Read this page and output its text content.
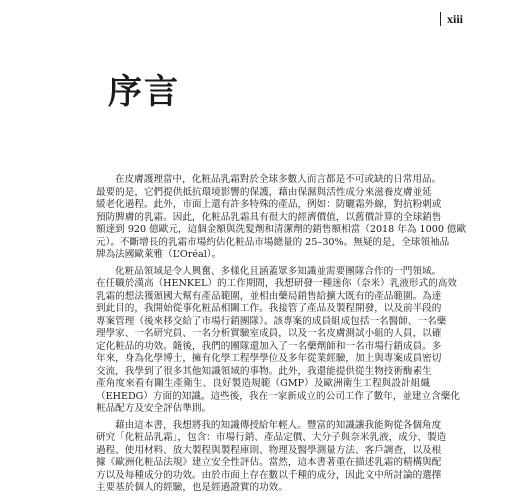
xiii
序言
在皮膚護理當中，化粧品乳霜對於全球多數人而言都是不可或缺的日常用品。
最要的是，它們提供抵抗環境影響的保護，藉由保濕與活性成分來滋養皮膚並延
緩老化過程。此外，市面上還有許多特殊的產品，例如：防曬霜外線，對抗粉刺或
預防脾膚的乳霜。因此，化粧品乳霜具有很大的經濟價值，以舊價計算的全球銷售
額達到 920 億歐元，這個金額與洗髮劑和清潔劑的銷售額相當（2018 年為 1000 億歐
元）。不斷增長的乳霜市場約佔化粧品市場總量的 25–30%。無疑的是，全球領袖品
牌為法國歐萊雅（L’Oréal）。
化粧品領域是令人興奮、多樣化且涵蓋眾多知識並需要團隊合作的一門領域。
在任職於漢高（HENKEL）的工作期間，我想研發一種迷你（奈米）乳液形式的高效
乳霜的想法獲頒國大幫有產品範圍，並相由藥局銷售給擴大既有的產品範圍。為達
到此目的，我開始從事化粧品相關工作。我接管了產品及製程開發，以及前半段的
專案管理（後來移交給了市場行銷團隊）。該專案的成員組成包括一名醫師、一名藥
理學家、一名研究員、一名分析實驗室成員，以及一名皮膚測試小組的人員，以確
定化粧品的功效。隨後，我們的團隊還加入了一名藥劑師和一名市場行銷成員。多
年來，身為化學博士，擁有化學工程學學位及多年從業經驗，加上與專案成員密切
交流，我學到了很多其他知識領域的事物。此外，我還能提供從生物技術酶素生
產角度來看有關生產衛生、良好製造規範（GMP）及歐洲衛生工程與設計組織
（EHEDG）方面的知識。這些後，我在一家新成立的公司工作了數年，並建立含藥化
粧品配方及安全評估準則。
藉由這本書，我想將我的知識傳授給年輕人。豐富的知識讓我能夠從各個角度
研究「化粧品乳霜」，包含：市場行銷、產品定價、大分子與奈米乳液，成分、製造
過程、使用材料、放大製程與製程庫則、物理及醫學測量方法、客戶調查，以及根
據《歐洲化粧品法規》建立安全性評估。當然，這本書著重在描述乳霜的精構與配
方以及每種成分的功效。由於市面上存在數以千種的成分，因此文中所討論的選擇
主要基於個人的經驗，也是經過證實的功效。
